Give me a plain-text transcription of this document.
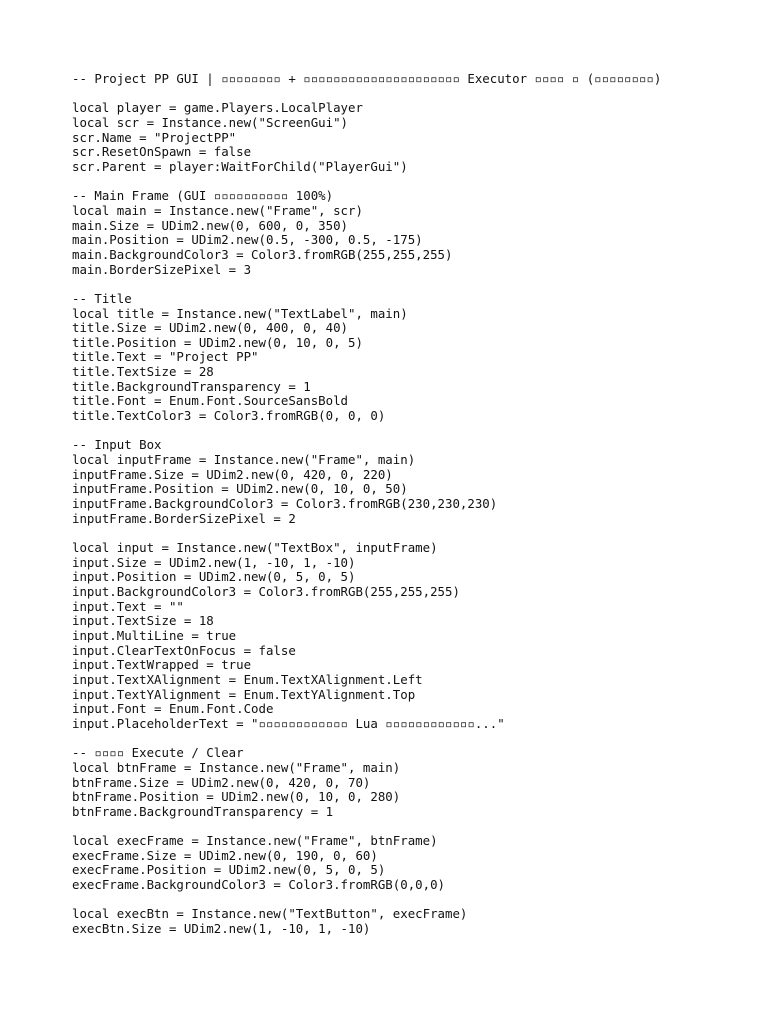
-- Project PP GUI | ▫▫▫▫▫▫▫▫ + ▫▫▫▫▫▫▫▫▫▫▫▫▫▫▫▫▫▫▫▫▫ Executor ▫▫▫▫ ▫ (▫▫▫▫▫▫▫▫)
local player = game.Players.LocalPlayer
local scr = Instance.new("ScreenGui")
scr.Name = "ProjectPP"
scr.ResetOnSpawn = false
scr.Parent = player:WaitForChild("PlayerGui")
-- Main Frame (GUI ▫▫▫▫▫▫▫▫▫▫ 100%)
local main = Instance.new("Frame", scr)
main.Size = UDim2.new(0, 600, 0, 350)
main.Position = UDim2.new(0.5, -300, 0.5, -175)
main.BackgroundColor3 = Color3.fromRGB(255,255,255)
main.BorderSizePixel = 3
-- Title
local title = Instance.new("TextLabel", main)
title.Size = UDim2.new(0, 400, 0, 40)
title.Position = UDim2.new(0, 10, 0, 5)
title.Text = "Project PP"
title.TextSize = 28
title.BackgroundTransparency = 1
title.Font = Enum.Font.SourceSansBold
title.TextColor3 = Color3.fromRGB(0, 0, 0)
-- Input Box
local inputFrame = Instance.new("Frame", main)
inputFrame.Size = UDim2.new(0, 420, 0, 220)
inputFrame.Position = UDim2.new(0, 10, 0, 50)
inputFrame.BackgroundColor3 = Color3.fromRGB(230,230,230)
inputFrame.BorderSizePixel = 2
local input = Instance.new("TextBox", inputFrame)
input.Size = UDim2.new(1, -10, 1, -10)
input.Position = UDim2.new(0, 5, 0, 5)
input.BackgroundColor3 = Color3.fromRGB(255,255,255)
input.Text = ""
input.TextSize = 18
input.MultiLine = true
input.ClearTextOnFocus = false
input.TextWrapped = true
input.TextXAlignment = Enum.TextXAlignment.Left
input.TextYAlignment = Enum.TextYAlignment.Top
input.Font = Enum.Font.Code
input.PlaceholderText = "▫▫▫▫▫▫▫▫▫▫▫▫ Lua ▫▫▫▫▫▫▫▫▫▫▫▫..."
-- ▫▫▫▫ Execute / Clear
local btnFrame = Instance.new("Frame", main)
btnFrame.Size = UDim2.new(0, 420, 0, 70)
btnFrame.Position = UDim2.new(0, 10, 0, 280)
btnFrame.BackgroundTransparency = 1
local execFrame = Instance.new("Frame", btnFrame)
execFrame.Size = UDim2.new(0, 190, 0, 60)
execFrame.Position = UDim2.new(0, 5, 0, 5)
execFrame.BackgroundColor3 = Color3.fromRGB(0,0,0)
local execBtn = Instance.new("TextButton", execFrame)
execBtn.Size = UDim2.new(1, -10, 1, -10)
